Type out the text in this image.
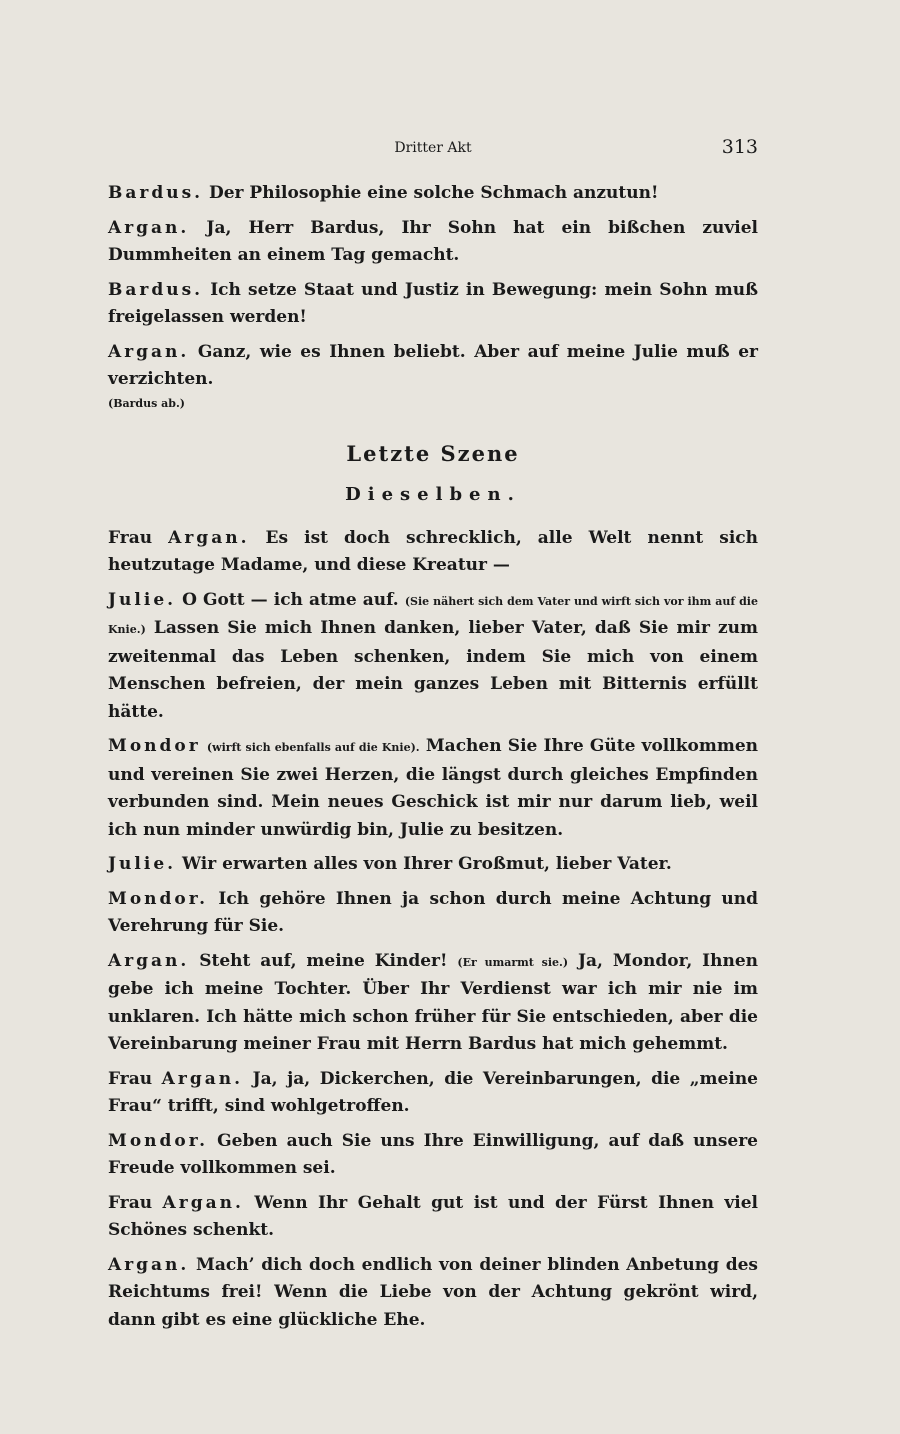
Dritter Akt	313

Bardus. Der Philosophie eine solche Schmach anzutun!

Argan. Ja, Herr Bardus, Ihr Sohn hat ein bißchen zuviel Dummheiten an einem Tag gemacht.

Bardus. Ich setze Staat und Justiz in Bewegung: mein Sohn muß freigelassen werden!

Argan. Ganz, wie es Ihnen beliebt. Aber auf meine Julie muß er verzichten.

(Bardus ab.)
Letzte Szene
Dieselben.

Frau Argan. Es ist doch schrecklich, alle Welt nennt sich heutzutage Madame, und diese Kreatur —

Julie. O Gott — ich atme auf. (Sie nähert sich dem Vater und wirft sich vor ihm auf die Knie.) Lassen Sie mich Ihnen danken, lieber Vater, daß Sie mir zum zweitenmal das Leben schenken, indem Sie mich von einem Menschen befreien, der mein ganzes Leben mit Bitternis erfüllt hätte.

Mondor (wirft sich ebenfalls auf die Knie). Machen Sie Ihre Güte vollkommen und vereinen Sie zwei Herzen, die längst durch gleiches Empfinden verbunden sind. Mein neues Geschick ist mir nur darum lieb, weil ich nun minder unwürdig bin, Julie zu besitzen.

Julie. Wir erwarten alles von Ihrer Großmut, lieber Vater.

Mondor. Ich gehöre Ihnen ja schon durch meine Achtung und Verehrung für Sie.

Argan. Steht auf, meine Kinder! (Er umarmt sie.) Ja, Mondor, Ihnen gebe ich meine Tochter. Über Ihr Verdienst war ich mir nie im unklaren. Ich hätte mich schon früher für Sie entschieden, aber die Vereinbarung meiner Frau mit Herrn Bardus hat mich gehemmt.

Frau Argan. Ja, ja, Dickerchen, die Vereinbarungen, die „meine Frau“ trifft, sind wohlgetroffen.

Mondor. Geben auch Sie uns Ihre Einwilligung, auf daß unsere Freude vollkommen sei.

Frau Argan. Wenn Ihr Gehalt gut ist und der Fürst Ihnen viel Schönes schenkt.

Argan. Mach’ dich doch endlich von deiner blinden Anbetung des Reichtums frei! Wenn die Liebe von der Achtung gekrönt wird, dann gibt es eine glückliche Ehe.
